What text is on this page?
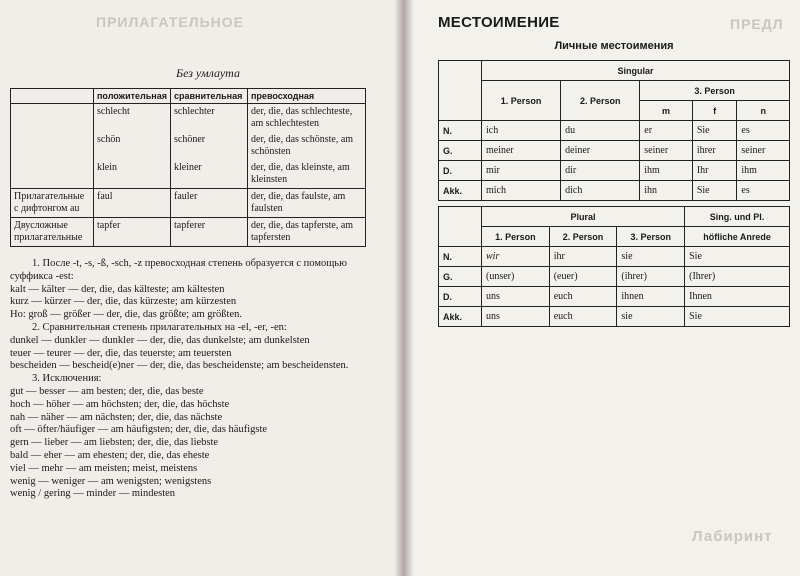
ПРИЛАГАТЕЛЬНОЕ
Без умлаута
	положительная	сравнительная	превосходная
	schlecht	schlechter	der, die, das schlechteste, am schlechtesten
	schön	schöner	der, die, das schönste, am schönsten
	klein	kleiner	der, die, das kleinste, am kleinsten
Прилагательные с дифтонгом au	faul	fauler	der, die, das faulste, am faulsten
Двусложные прилагательные	tapfer	tapferer	der, die, das tapferste, am tapfersten

1. После -t, -s, -ß, -sch, -z превосходная степень образуется с помощью суффикса -est:

kalt — kälter — der, die, das kälteste; am kältesten

kurz — kürzer — der, die, das kürzeste; am kürzesten

Но: groß — größer — der, die, das größte; am größten.

2. Сравнительная степень прилагательных на -el, -er, -en:

dunkel — dunkler — dunkler — der, die, das dunkelste; am dunkelsten

teuer — teurer — der, die, das teuerste; am teuersten

bescheiden — bescheid(e)ner — der, die, das bescheidenste; am bescheidensten.

3. Исключения:

gut — besser — am besten; der, die, das beste

hoch — höher — am höchsten; der, die, das höchste

nah — näher — am nächsten; der, die, das nächste

oft — öfter/häufiger — am häufigsten; der, die, das häufigste

gern — lieber — am liebsten; der, die, das liebste

bald — eher — am ehesten; der, die, das eheste

viel — mehr — am meisten; meist, meistens

wenig — weniger — am wenigsten; wenigstens

wenig / gering — minder — mindesten

МЕСТОИМЕНИЕ
Личные местоимения
	Singular				
	1. Person	2. Person	3. Person		
			m	f	n
N.	ich	du	er	Sie	es
G.	meiner	deiner	seiner	ihrer	seiner
D.	mir	dir	ihm	Ihr	ihm
Akk.	mich	dich	ihn	Sie	es
	Plural			Sing. und Pl.
	1. Person	2. Person	3. Person	höfliche Anrede
N.	wir	ihr	sie	Sie
G.	(unser)	(euer)	(ihrer)	(Ihrer)
D.	uns	euch	ihnen	Ihnen
Akk.	uns	euch	sie	Sie
ПРЕДЛ
Лабиринт
